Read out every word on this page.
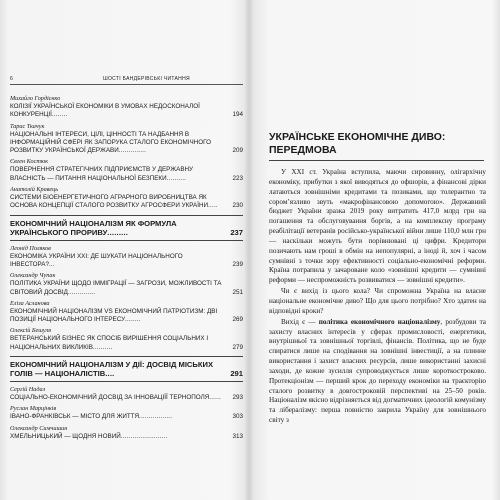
6	ШОСТІ БАНДЕРІВСЬКІ ЧИТАННЯ
Михайло Гордієнко
КОЛІЗІЇ УКРАЇНСЬКОЇ ЕКОНОМІКИ В УМОВАХ НЕДОСКОНАЛОЇ КОНКУРЕНЦІЇ........	194
Тарас Ткачук
НАЦІОНАЛЬНІ ІНТЕРЕСИ, ЦІЛІ, ЦІННОСТІ ТА НАДБАННЯ В ІНФОРМАЦІЙНІЙ СФЕРІ ЯК ЗАПОРУКА СТАЛОГО ЕКОНОМІЧНОГО РОЗВИТКУ УКРАЇНСЬКОЇ ДЕРЖАВИ..............	209
Євген Костюк
ПОВЕРНЕННЯ СТРАТЕГІЧНИХ ПІДПРИЄМСТВ У ДЕРЖАВНУ ВЛАСНІСТЬ — ПИТАННЯ НАЦІОНАЛЬНОЇ БЕЗПЕКИ..........	223
Анатолій Кравець
СИСТЕМИ БІОЕНЕРГЕТИЧНОГО АГРАРНОГО ВИРОБНИЦТВА ЯК ОСНОВА КОНЦЕПЦІЇ СТАЛОГО РОЗВИТКУ АГРОСФЕРИ УКРАЇНИ..... 230
ЕКОНОМІЧНИЙ НАЦІОНАЛІЗМ ЯК ФОРМУЛА УКРАЇНСЬКОГО ПРОРИВУ.........	237
Леонід Поляков
ЕКОНОМІКА УКРАЇНИ XXI: ДЕ ШУКАТИ НАЦІОНАЛЬНОГО ІНВЕСТОРА?...	239
Олександр Чупак
ПОЛІТИКА УКРАЇНИ ЩОДО ІММІГРАЦІЇ — ЗАГРОЗИ, МОЖЛИВОСТІ ТА СВІТОВИЙ ДОСВІД..............	251
Еліза Асланова
ЕКОНОМІЧНИЙ НАЦІОНАЛІЗМ VS ЕКОНОМІЧНИЙ ПАТРІОТИЗМ: ДВІ ПОЗИЦІЇ НАЦІОНАЛЬНОГО ІНТЕРЕСУ........	269
Олексій Бешуля
ВЕТЕРАНСЬКИЙ БІЗНЕС ЯК СПОСІБ ВИРІШЕННЯ СОЦІАЛЬНИХ І НАЦІОНАЛЬНИХ ВИКЛИКІВ..........	279
ЕКОНОМІЧНИЙ НАЦІОНАЛІЗМ У ДІЇ: ДОСВІД МІСЬКИХ ГОЛІВ — НАЦІОНАЛІСТІВ....	291
Сергій Надал
СОЦІАЛЬНО-ЕКОНОМІЧНИЙ ДОСВІД ЗА ІННОВАЦІЇЇ ТЕРНОПОЛЯ...... 293
Руслан Марцінків
ІВАНО-ФРАНКІВСЬК — МІСТО ДЛЯ ЖИТТЯ.................	303
Олександр Симчишин
ХМЕЛЬНИЦЬКИЙ — ЩОДНЯ НОВИЙ........................	313
УКРАЇНСЬКЕ ЕКОНОМІЧНЕ ДИВО:
ПЕРЕДМОВА

У XXI ст. Україна вступила, маючи сировинну, олігархічну економіку, прибутки з якої виводяться до офшорів, а фінансові дірки латаються зовнішніми кредитами та позиками, що толерантно та сором’язливо звуть «макрофінансовою допомогою». Державний бюджет України зразка 2019 року витратить 417,0 млрд грн на погашення та обслуговування боргів, а на комплексну програму реабілітації ветеранів російсько-української війни лише 110,0 млн грн — наскільки можуть бути порівнювані ці цифри. Кредитори позичають нам гроші в обмін на непопулярні, а іноді й, хоч і часом сумнівні з точки зору ефективності соціально-економічні реформи. Країна потрапила у зачароване коло «зовнішні кредити — сумнівні реформи — неспроможність розвиватися — зовнішні кредити».

Чи є вихід із цього кола? Чи спроможна Україна на власне національне економічне диво? Що для цього потрібно? Хто здатен на відповідні кроки?

Вихід є — політика економічного націоналізму, розбудови та захисту власних інтересів у сферах промисловості, енергетики, внутрішньої та зовнішньої торгівлі, фінансів. Політика, що не буде спиратися лише на сподівання на зовнішні інвестиції, а на плинне використання і захист власних ресурсів, лише використанні захисні заходи, де кожне зусилля супроводжується лише короткостроково. Протекціонізм — перший крок до переходу економіки на траєкторію сталого розвитку в довгостроковій перспективі на 25–50 років. Націоналізм якісно відрізняється від догматичних ідеологій комунізму та лібералізму: перша повністю закрила Україну для зовнішнього світу з
